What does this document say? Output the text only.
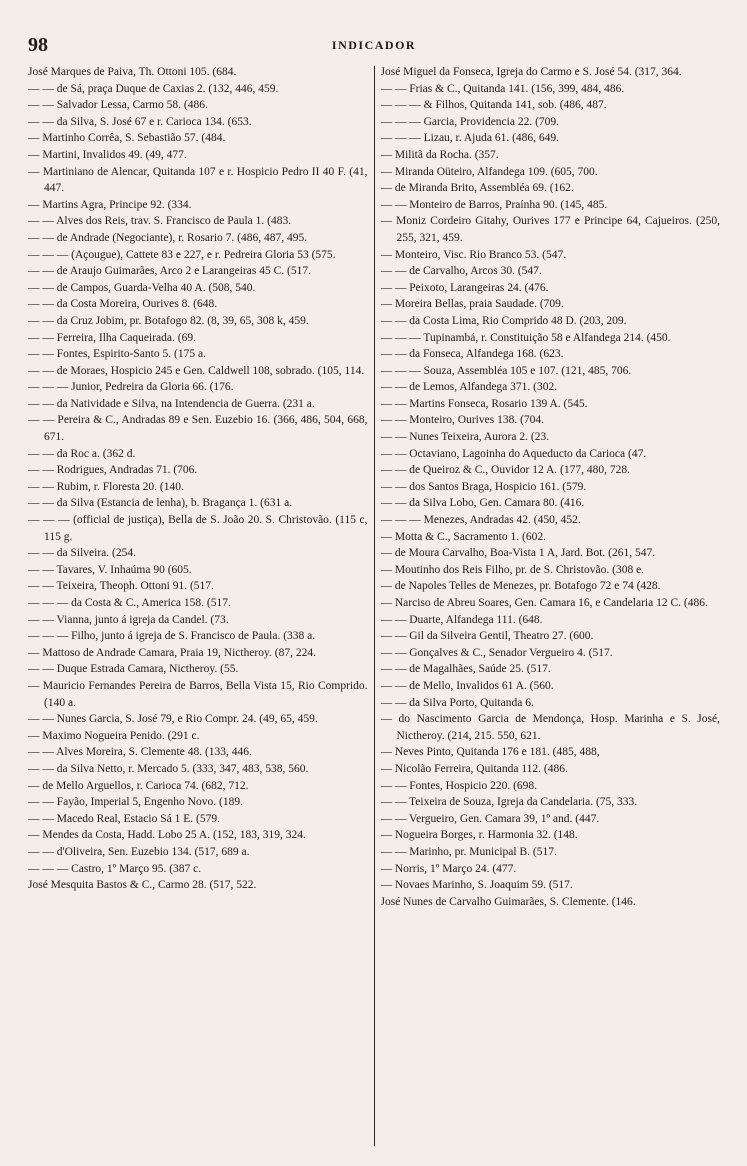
98	INDICADOR

José Marques de Paiva, Th. Ottoni 105. (684.

— — de Sá, praça Duque de Caxias 2. (132, 446, 459.

— — Salvador Lessa, Carmo 58. (486.

— — da Silva, S. José 67 e r. Carioca 134. (653.

— Martinho Corrêa, S. Sebastião 57. (484.

— Martini, Invalidos 49. (49, 477.

— Martiniano de Alencar, Quitanda 107 e r. Hospicio Pedro II 40 F. (41, 447.

— Martins Agra, Principe 92. (334.

— — Alves dos Reis, trav. S. Francisco de Paula 1. (483.

— — de Andrade (Negociante), r. Rosario 7. (486, 487, 495.

— — — (Açougue), Cattete 83 e 227, e r. Pedreira Gloria 53 (575.

— — de Araujo Guimarães, Arco 2 e Larangeiras 45 C. (517.

— — de Campos, Guarda-Velha 40 A. (508, 540.

— — da Costa Moreira, Ourives 8. (648.

— — da Cruz Jobim, pr. Botafogo 82. (8, 39, 65, 308 k, 459.

— — Ferreira, Ilha Caqueirada. (69.

— — Fontes, Espirito-Santo 5. (175 a.

— — de Moraes, Hospicio 245 e Gen. Caldwell 108, sobrado. (105, 114.

— — — Junior, Pedreira da Gloria 66. (176.

— — da Natividade e Silva, na Intendencia de Guerra. (231 a.

— — Pereira & C., Andradas 89 e Sen. Euzebio 16. (366, 486, 504, 668, 671.

— — da Roc a. (362 d.

— — Rodrigues, Andradas 71. (706.

— — Rubim, r. Floresta 20. (140.

— — da Silva (Estancia de lenha), b. Bragança 1. (631 a.

— — — (official de justiça), Bella de S. João 20. S. Christovão. (115 c, 115 g.

— — da Silveira. (254.

— — Tavares, V. Inhaúma 90 (605.

— — Teixeira, Theoph. Ottoni 91. (517.

— — — da Costa & C., America 158. (517.

— — Vianna, junto á igreja da Candel. (73.

— — — Filho, junto á igreja de S. Francisco de Paula. (338 a.

— Mattoso de Andrade Camara, Praia 19, Nictheroy. (87, 224.

— — Duque Estrada Camara, Nictheroy. (55.

— Mauricio Fernandes Pereira de Barros, Bella Vista 15, Rio Comprido. (140 a.

— — Nunes Garcia, S. José 79, e Rio Compr. 24. (49, 65, 459.

— Maximo Nogueira Penido. (291 c.

— — Alves Moreira, S. Clemente 48. (133, 446.

— — da Silva Netto, r. Mercado 5. (333, 347, 483, 538, 560.

— de Mello Arguellos, r. Carioca 74. (682, 712.

— — Fayão, Imperial 5, Engenho Novo. (189.

— — Macedo Real, Estacio Sá 1 E. (579.

— Mendes da Costa, Hadd. Lobo 25 A. (152, 183, 319, 324.

— — d'Oliveira, Sen. Euzebio 134. (517, 689 a.

— — — Castro, 1º Março 95. (387 c.

José Mesquita Bastos & C., Carmo 28. (517, 522.

José Miguel da Fonseca, Igreja do Carmo e S. José 54. (317, 364.

— — Frias & C., Quitanda 141. (156, 399, 484, 486.

— — — & Filhos, Quitanda 141, sob. (486, 487.

— — — Garcia, Providencia 22. (709.

— — — Lizau, r. Ajuda 61. (486, 649.

— Militã da Rocha. (357.

— Miranda Oüteiro, Alfandega 109. (605, 700.

— de Miranda Brito, Assembléa 69. (162.

— — Monteiro de Barros, Praínha 90. (145, 485.

— Moniz Cordeiro Gitahy, Ourives 177 e Principe 64, Cajueiros. (250, 255, 321, 459.

— Monteiro, Visc. Rio Branco 53. (547.

— — de Carvalho, Arcos 30. (547.

— — Peixoto, Larangeiras 24. (476.

— Moreira Bellas, praia Saudade. (709.

— — da Costa Lima, Rio Comprido 48 D. (203, 209.

— — — Tupinambá, r. Constituição 58 e Alfandega 214. (450.

— — da Fonseca, Alfandega 168. (623.

— — — Souza, Assembléa 105 e 107. (121, 485, 706.

— — de Lemos, Alfandega 371. (302.

— — Martins Fonseca, Rosario 139 A. (545.

— — Monteiro, Ourives 138. (704.

— — Nunes Teixeira, Aurora 2. (23.

— — Octaviano, Lagoinha do Aqueducto da Carioca (47.

— — de Queiroz & C., Ouvidor 12 A. (177, 480, 728.

— — dos Santos Braga, Hospicio 161. (579.

— — da Silva Lobo, Gen. Camara 80. (416.

— — — Menezes, Andradas 42. (450, 452.

— Motta & C., Sacramento 1. (602.

— de Moura Carvalho, Boa-Vista 1 A, Jard. Bot. (261, 547.

— Moutinho dos Reis Filho, pr. de S. Christovão. (308 e.

— de Napoles Telles de Menezes, pr. Botafogo 72 e 74 (428.

— Narciso de Abreu Soares, Gen. Camara 16, e Candelaria 12 C. (486.

— — Duarte, Alfandega 111. (648.

— — Gil da Silveira Gentil, Theatro 27. (600.

— — Gonçalves & C., Senador Vergueiro 4. (517.

— — de Magalhães, Saúde 25. (517.

— — de Mello, Invalidos 61 A. (560.

— — da Silva Porto, Quitanda 6.

— do Nascimento Garcia de Mendonça, Hosp. Marinha e S. José, Nictheroy. (214, 215. 550, 621.

— Neves Pinto, Quitanda 176 e 181. (485, 488,

— Nicolão Ferreira, Quitanda 112. (486.

— — Fontes, Hospicio 220. (698.

— — Teixeira de Souza, Igreja da Candelaria. (75, 333.

— — Vergueiro, Gen. Camara 39, 1º and. (447.

— Nogueira Borges, r. Harmonia 32. (148.

— — Marinho, pr. Municipal B. (517.

— Norris, 1º Março 24. (477.

— Novaes Marinho, S. Joaquim 59. (517.

José Nunes de Carvalho Guimarães, S. Clemente. (146.
